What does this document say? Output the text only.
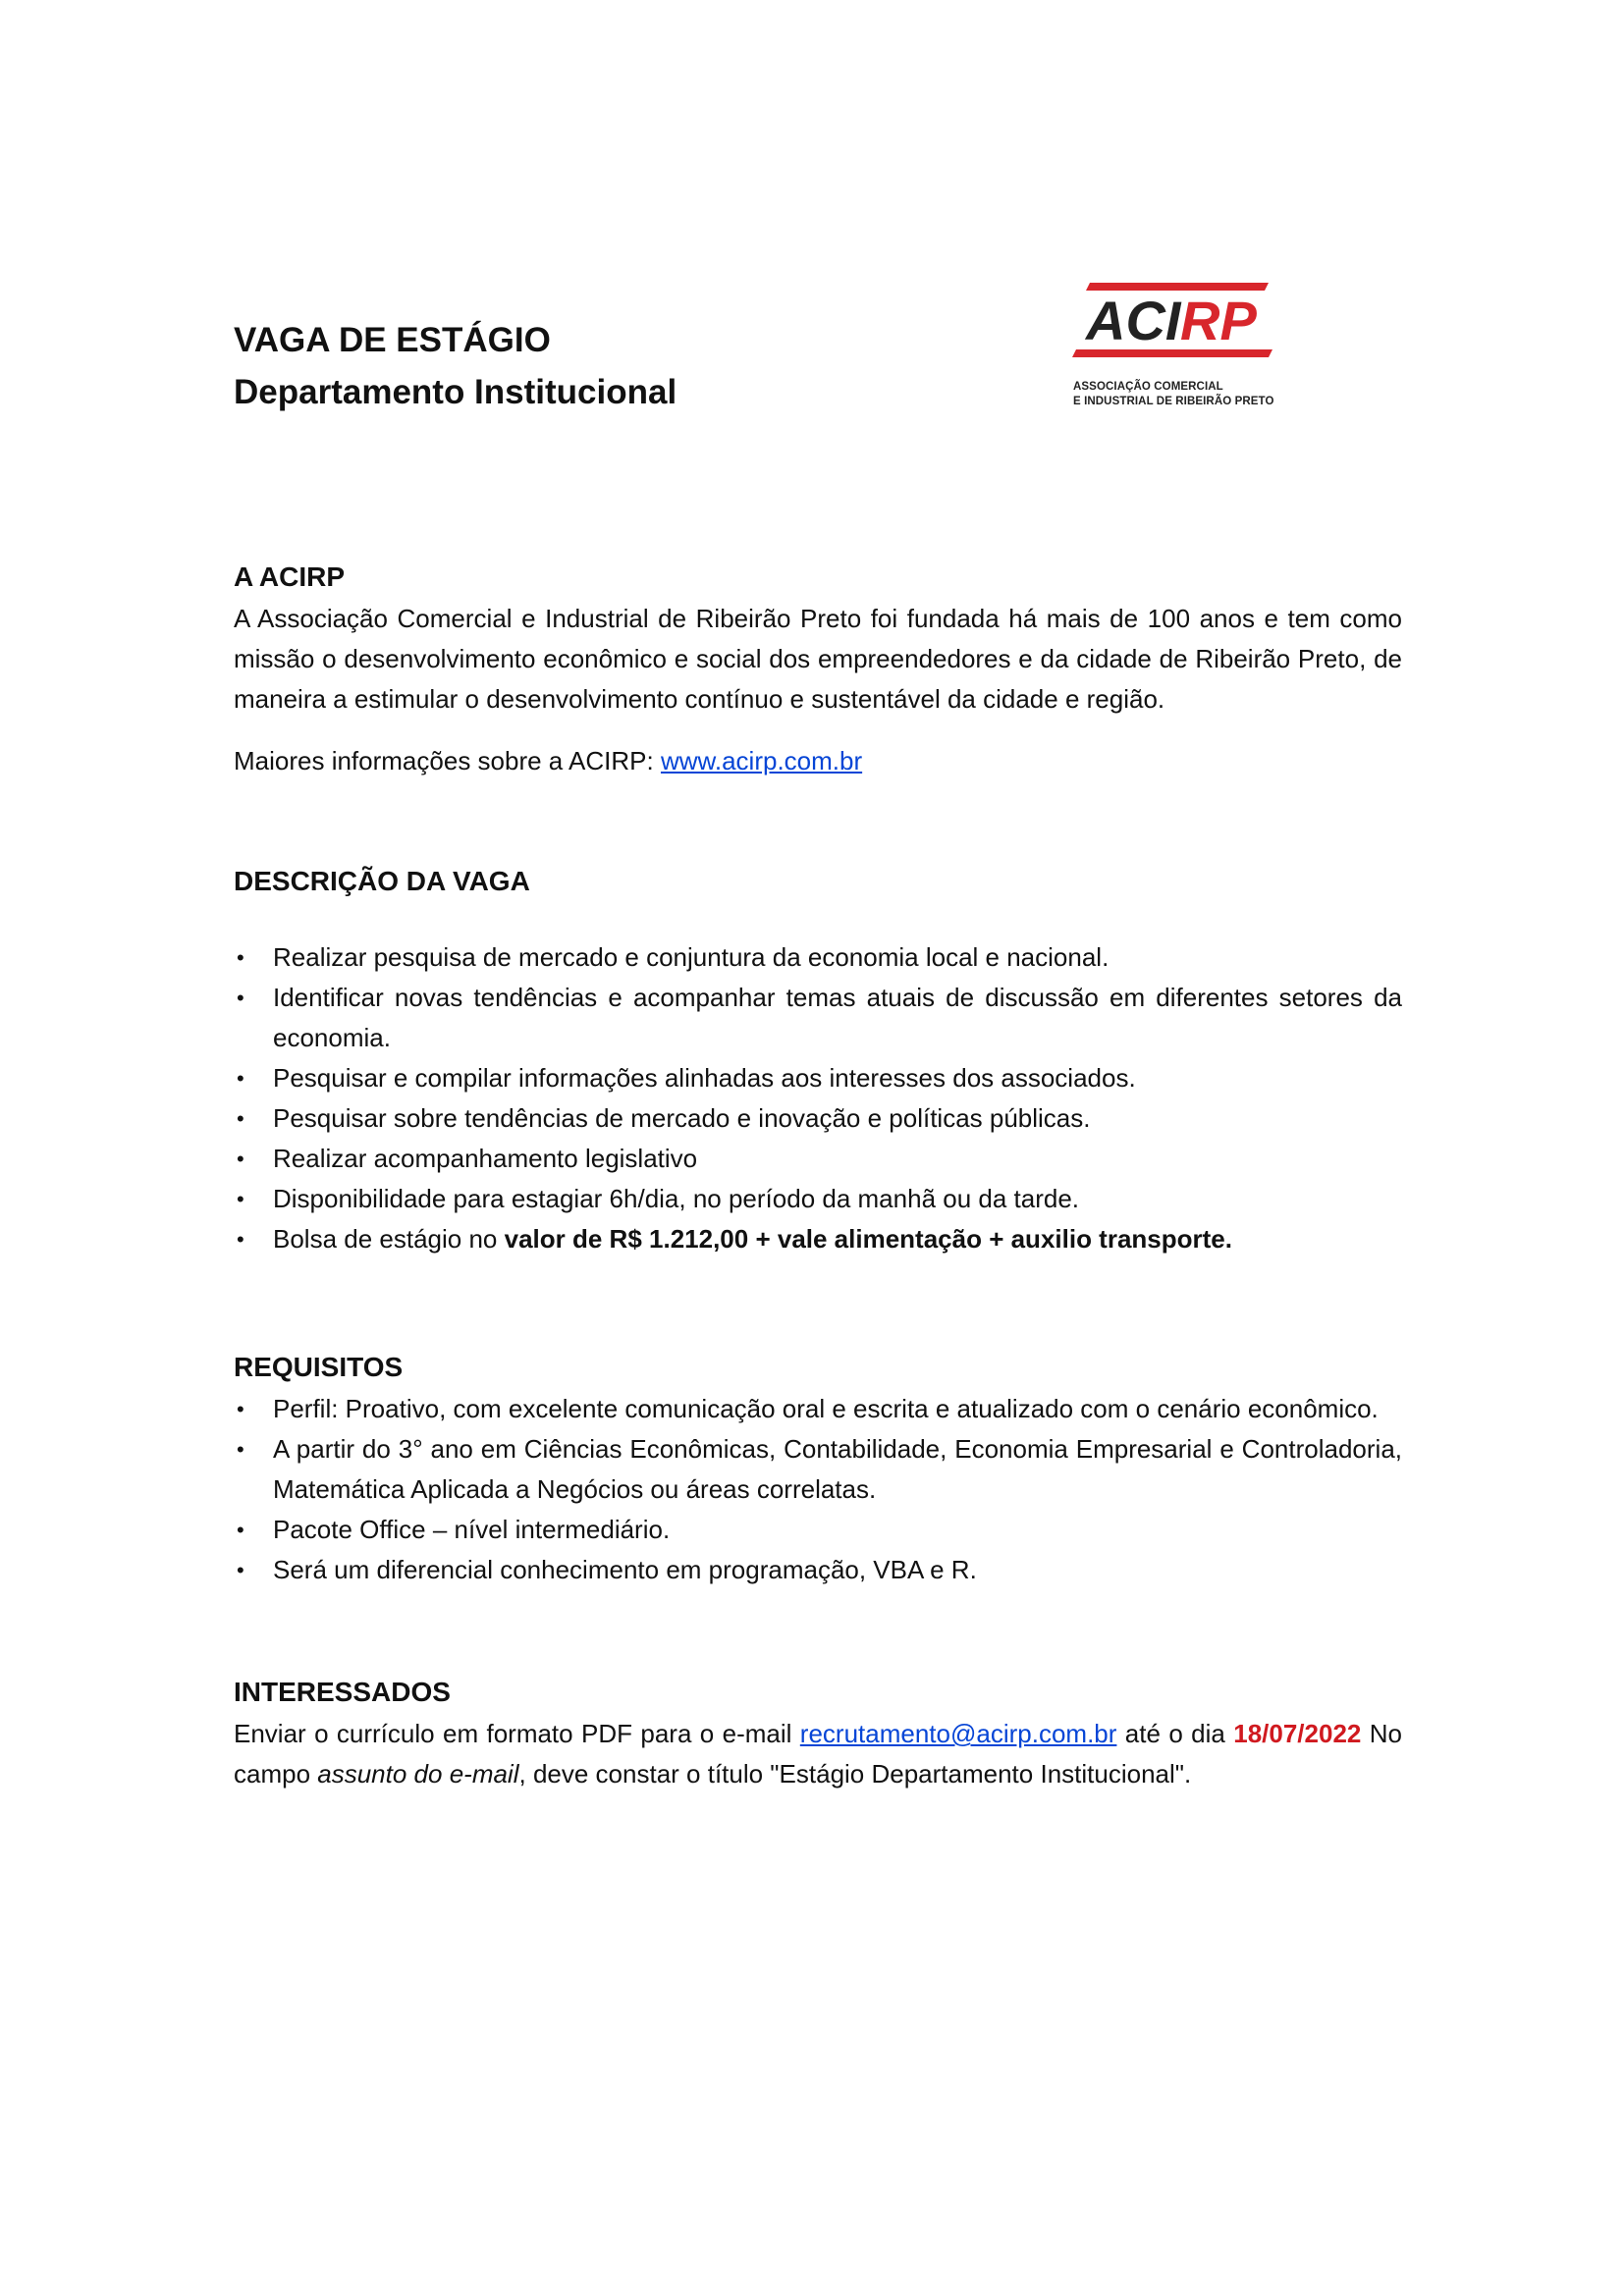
VAGA DE ESTÁGIO
Departamento Institucional
ACI RP
ASSOCIAÇÃO COMERCIAL
E INDUSTRIAL DE RIBEIRÃO PRETO
A ACIRP

A Associação Comercial e Industrial de Ribeirão Preto foi fundada há mais de 100 anos e tem como missão o desenvolvimento econômico e social dos empreendedores e da cidade de Ribeirão Preto, de maneira a estimular o desenvolvimento contínuo e sustentável da cidade e região.

Maiores informações sobre a ACIRP: www.acirp.com.br

DESCRIÇÃO DA VAGA
• Realizar pesquisa de mercado e conjuntura da economia local e nacional.
• Identificar novas tendências e acompanhar temas atuais de discussão em diferentes setores da economia.
• Pesquisar e compilar informações alinhadas aos interesses dos associados.
• Pesquisar sobre tendências de mercado e inovação e políticas públicas.
• Realizar acompanhamento legislativo
• Disponibilidade para estagiar 6h/dia, no período da manhã ou da tarde.
• Bolsa de estágio no valor de R$ 1.212,00 + vale alimentação + auxilio transporte.
REQUISITOS
• Perfil: Proativo, com excelente comunicação oral e escrita e atualizado com o cenário econômico.
• A partir do 3° ano em Ciências Econômicas, Contabilidade, Economia Empresarial e Controladoria, Matemática Aplicada a Negócios ou áreas correlatas.
• Pacote Office – nível intermediário.
• Será um diferencial conhecimento em programação, VBA e R.
INTERESSADOS

Enviar o currículo em formato PDF para o e-mail recrutamento@acirp.com.br até o dia 18/07/2022 No campo assunto do e-mail, deve constar o título "Estágio Departamento Institucional".
